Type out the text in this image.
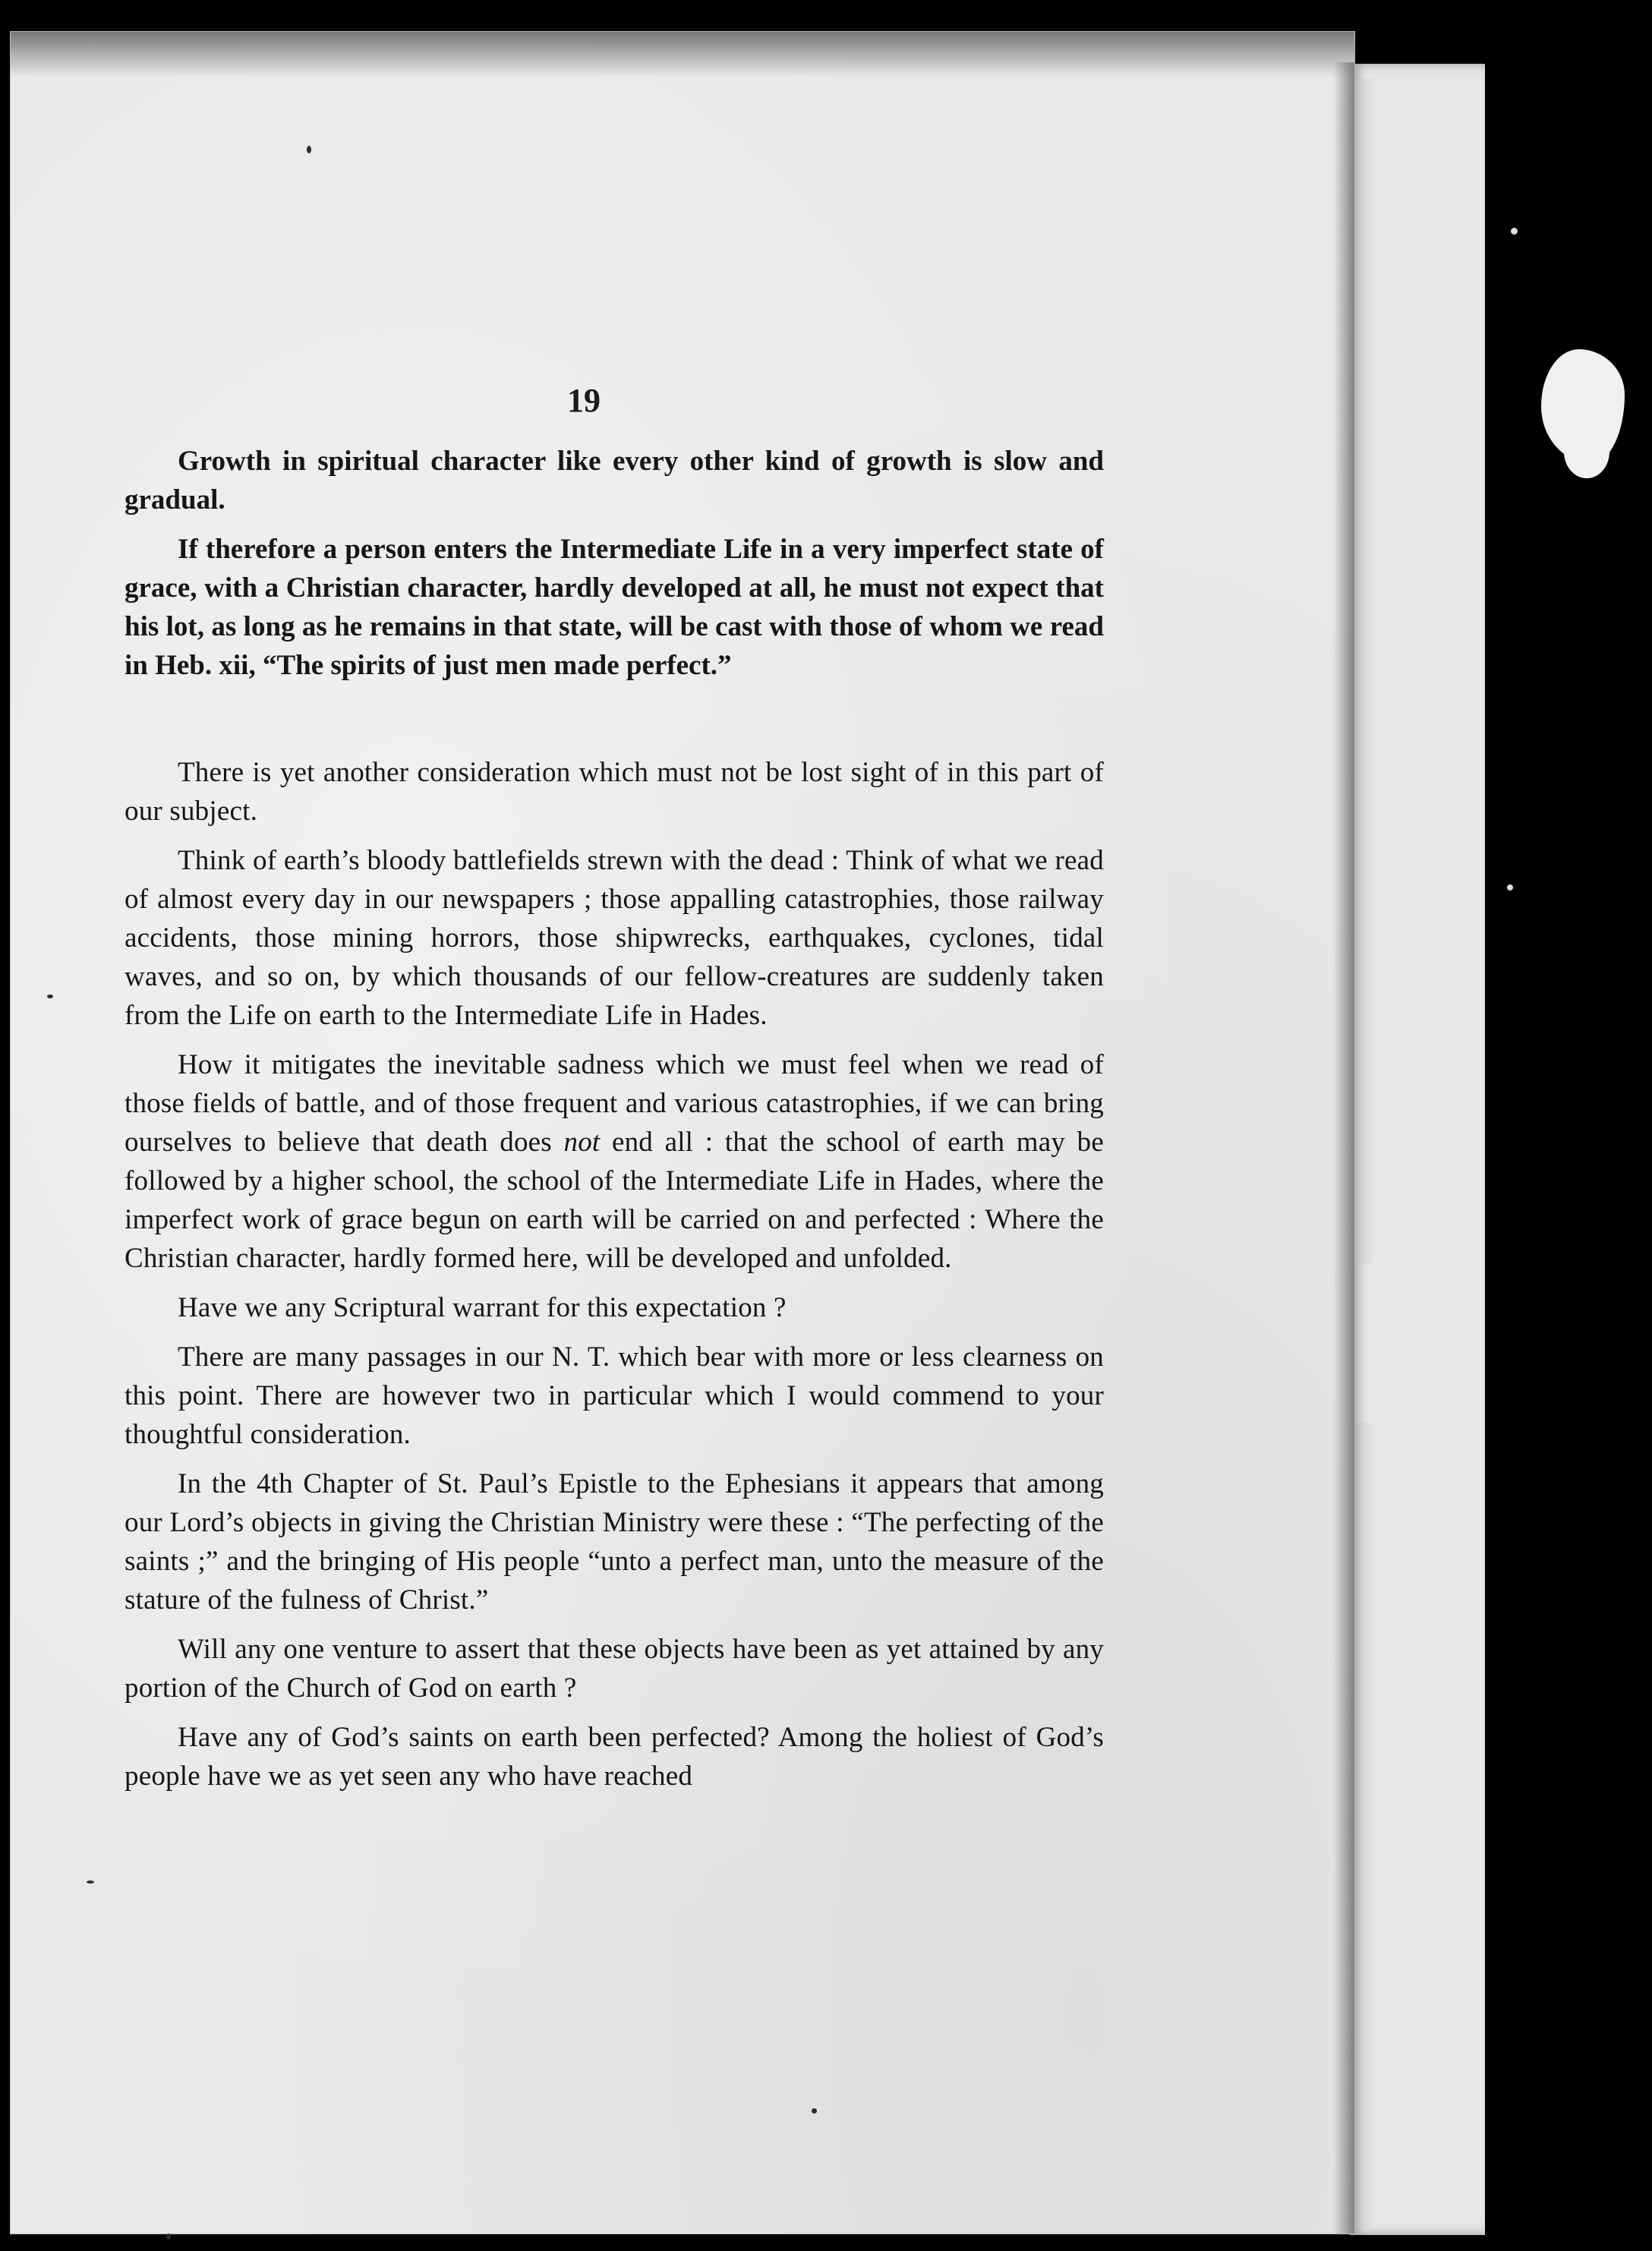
19

Growth in spiritual character like every other kind of growth is slow and gradual.

If therefore a person enters the Intermediate Life in a very imperfect state of grace, with a Christian character, hardly developed at all, he must not expect that his lot, as long as he remains in that state, will be cast with those of whom we read in Heb. xii, “The spirits of just men made perfect.”

There is yet another consideration which must not be lost sight of in this part of our subject.

Think of earth’s bloody battlefields strewn with the dead : Think of what we read of almost every day in our newspapers ; those appalling catastrophies, those railway accidents, those mining horrors, those shipwrecks, earthquakes, cyclones, tidal waves, and so on, by which thousands of our fellow-creatures are suddenly taken from the Life on earth to the Intermediate Life in Hades.

How it mitigates the inevitable sadness which we must feel when we read of those fields of battle, and of those frequent and various catastrophies, if we can bring ourselves to believe that death does not end all : that the school of earth may be followed by a higher school, the school of the Intermediate Life in Hades, where the imperfect work of grace begun on earth will be carried on and perfected : Where the Christian character, hardly formed here, will be developed and unfolded.

Have we any Scriptural warrant for this expectation ?

There are many passages in our N. T. which bear with more or less clearness on this point. There are however two in particular which I would commend to your thoughtful consideration.

In the 4th Chapter of St. Paul’s Epistle to the Ephesians it appears that among our Lord’s objects in giving the Christian Ministry were these : “The perfecting of the saints ;” and the bringing of His people “unto a perfect man, unto the measure of the stature of the fulness of Christ.”

Will any one venture to assert that these objects have been as yet attained by any portion of the Church of God on earth ?

Have any of God’s saints on earth been perfected? Among the holiest of God’s people have we as yet seen any who have reached
